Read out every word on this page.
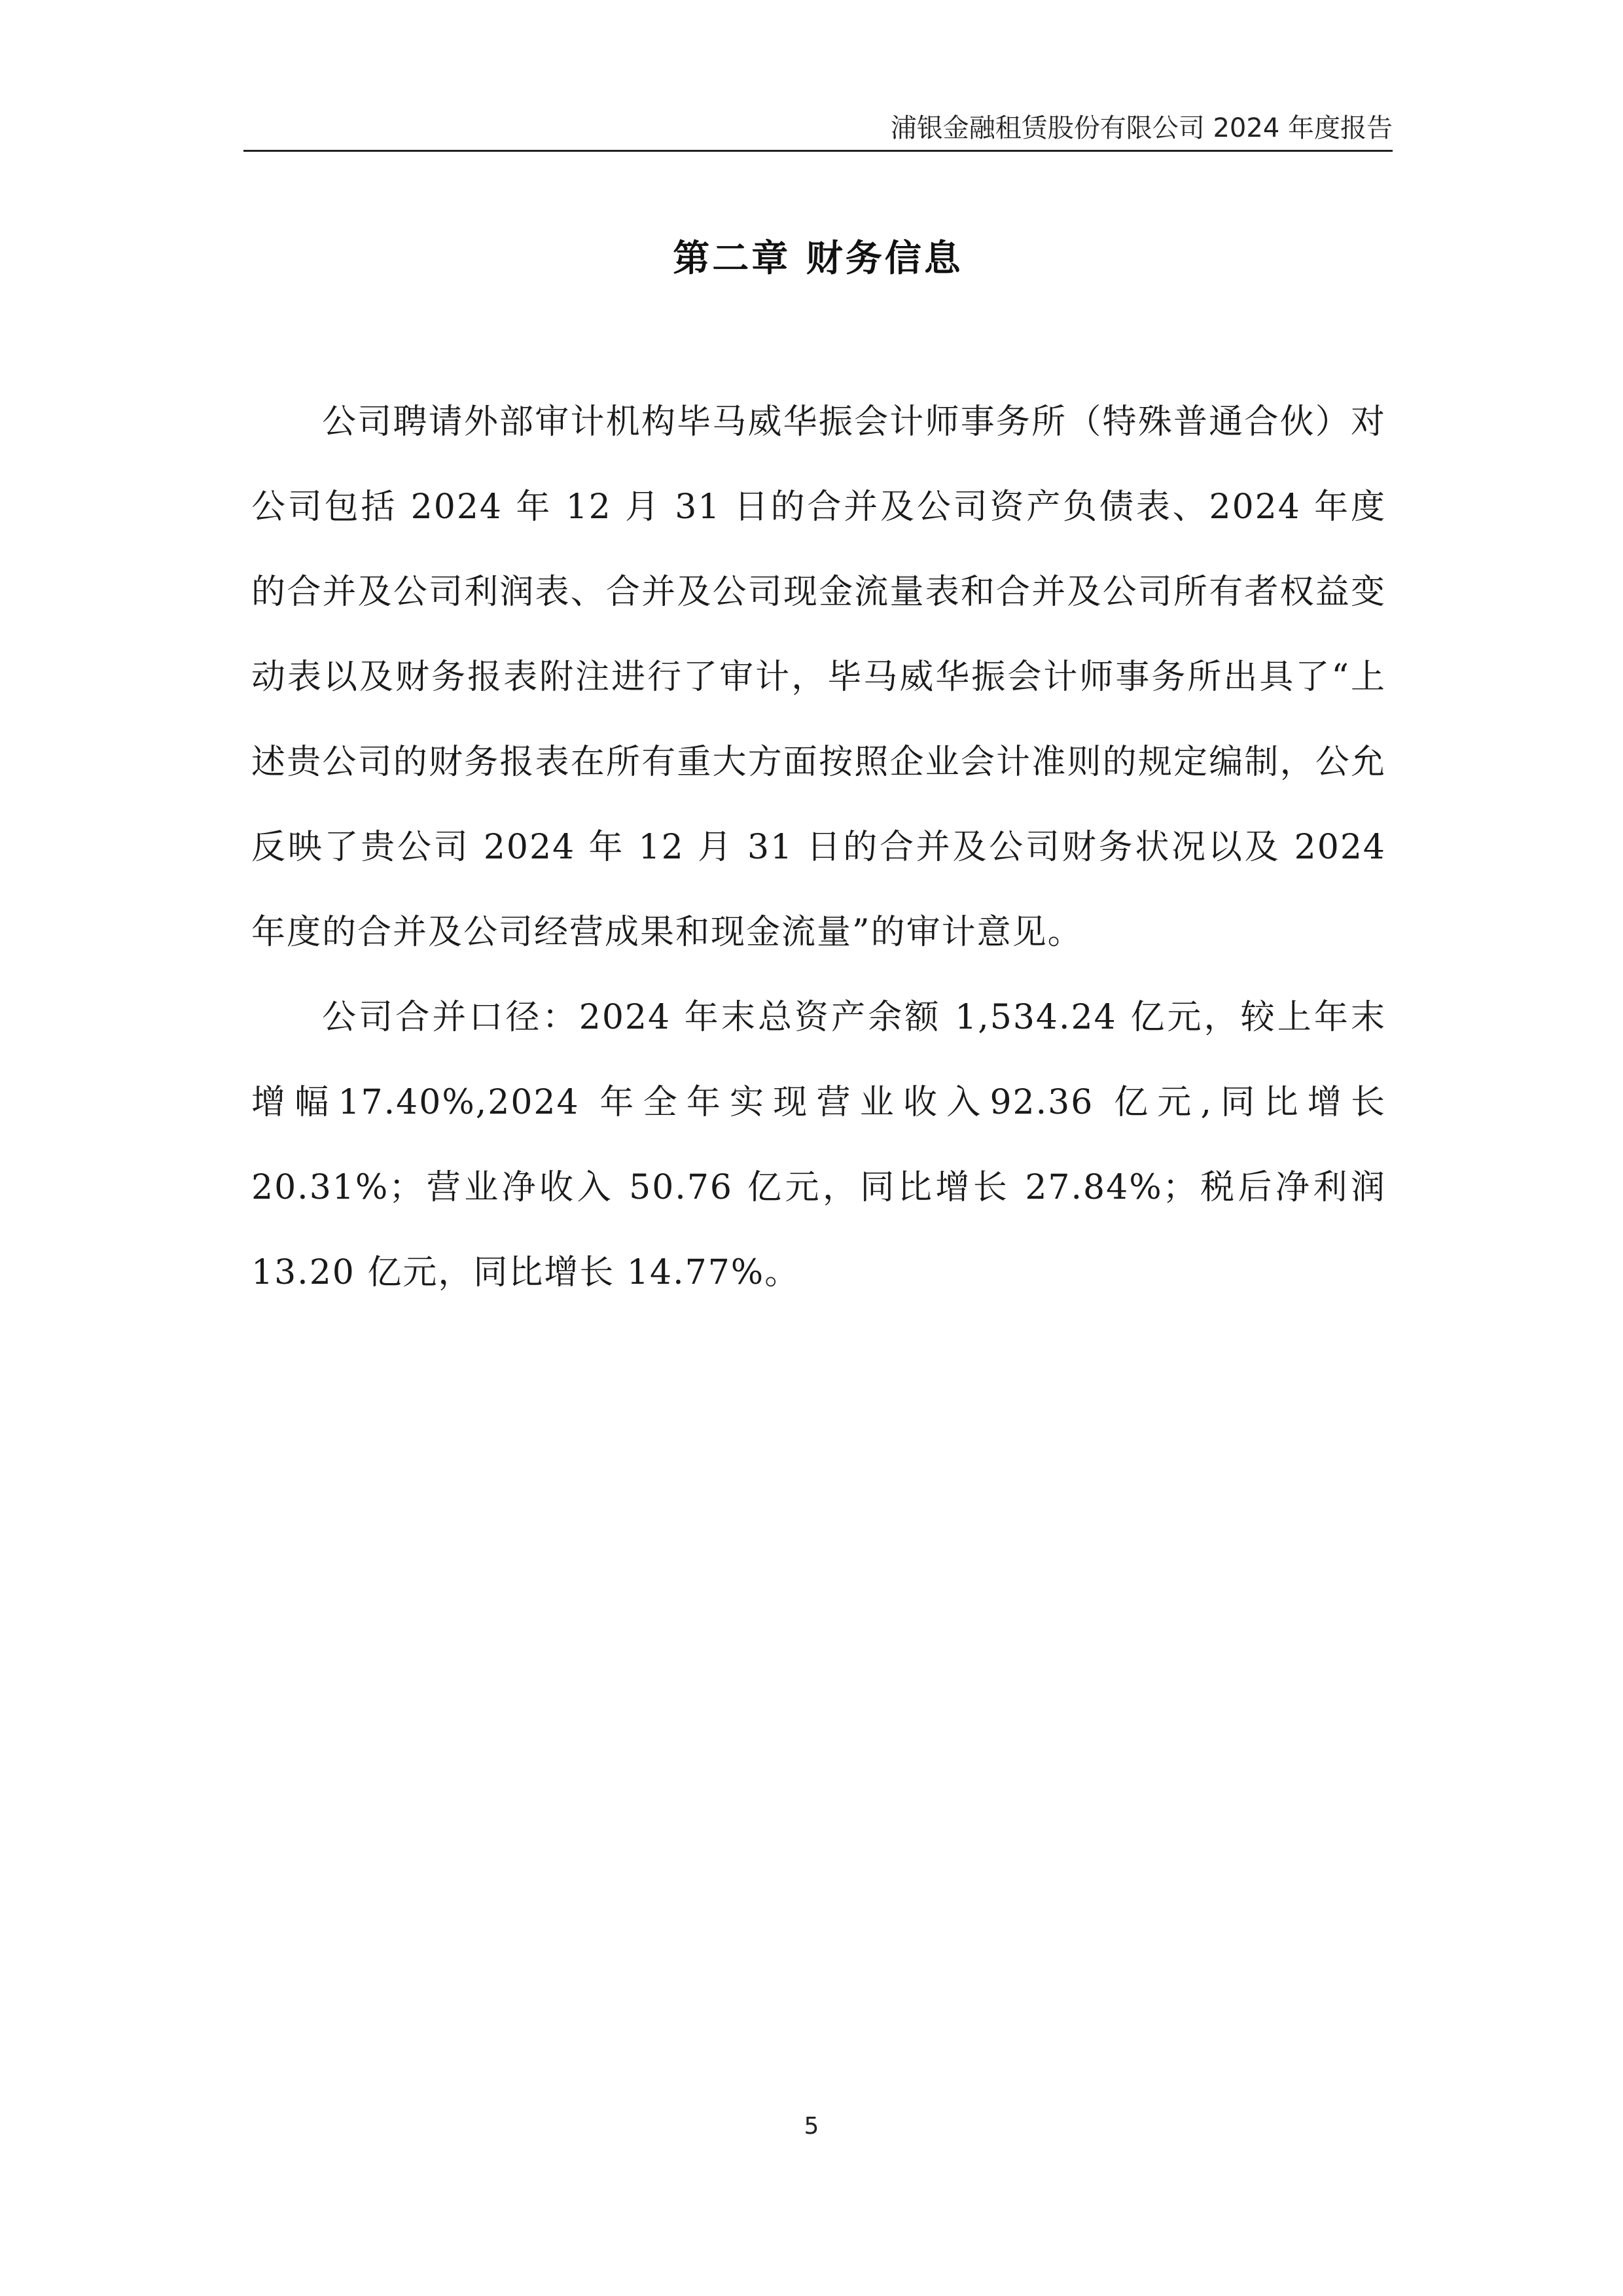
浦银金融租赁股份有限公司 2024 年度报告
第二章 财务信息

公司聘请外部审计机构毕马威华振会计师事务所（特殊普通合伙）对公司包括 2024 年 12 月 31 日的合并及公司资产负债表、2024 年度的合并及公司利润表、合并及公司现金流量表和合并及公司所有者权益变动表以及财务报表附注进行了审计，毕马威华振会计师事务所出具了“上述贵公司的财务报表在所有重大方面按照企业会计准则的规定编制，公允反映了贵公司 2024 年 12 月 31 日的合并及公司财务状况以及 2024 年度的合并及公司经营成果和现金流量”的审计意见。

公司合并口径：2024 年末总资产余额 1,534.24 亿元，较上年末增幅17.40%,2024 年全年实现营业收入92.36 亿元,同比增长20.31%；营业净收入 50.76 亿元，同比增长 27.84%；税后净利润 13.20 亿元，同比增长 14.77%。

5
